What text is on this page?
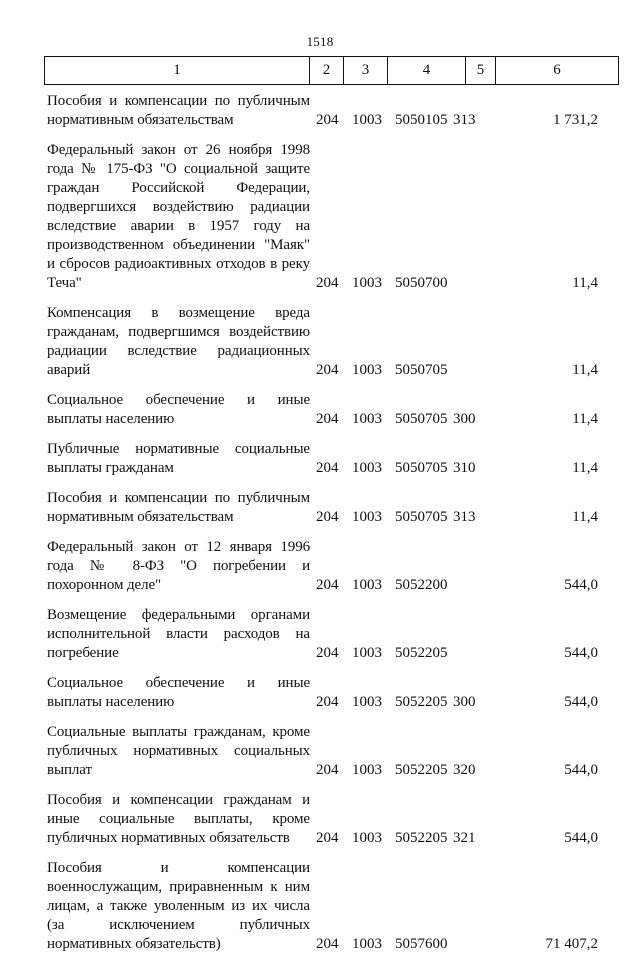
1518
1	2	3	4	5	6
Пособия и компенсации по публичным нормативным обязательствам	204 1003 5050105 313	1 731,2
Федеральный закон от 26 ноября 1998 года № 175-ФЗ "О социальной защите граждан Российской Федерации, подвергшихся воздействию радиации вследствие аварии в 1957 году на производственном объединении "Маяк" и сбросов радиоактивных отходов в реку Теча"	204 1003 5050700	11,4
Компенсация в возмещение вреда гражданам, подвергшимся воздействию радиации вследствие радиационных аварий	204 1003 5050705	11,4
Социальное обеспечение и иные выплаты населению	204 1003 5050705 300	11,4
Публичные нормативные социальные выплаты гражданам	204 1003 5050705 310	11,4
Пособия и компенсации по публичным нормативным обязательствам	204 1003 5050705 313	11,4
Федеральный закон от 12 января 1996 года № 8-ФЗ "О погребении и похоронном деле"	204 1003 5052200	544,0
Возмещение федеральными органами исполнительной власти расходов на погребение	204 1003 5052205	544,0
Социальное обеспечение и иные выплаты населению	204 1003 5052205 300	544,0
Социальные выплаты гражданам, кроме публичных нормативных социальных выплат	204 1003 5052205 320	544,0
Пособия и компенсации гражданам и иные социальные выплаты, кроме публичных нормативных обязательств	204 1003 5052205 321	544,0
Пособия и компенсации военнослужащим, приравненным к ним лицам, а также уволенным из их числа (за исключением публичных нормативных обязательств)	204 1003 5057600	71 407,2
